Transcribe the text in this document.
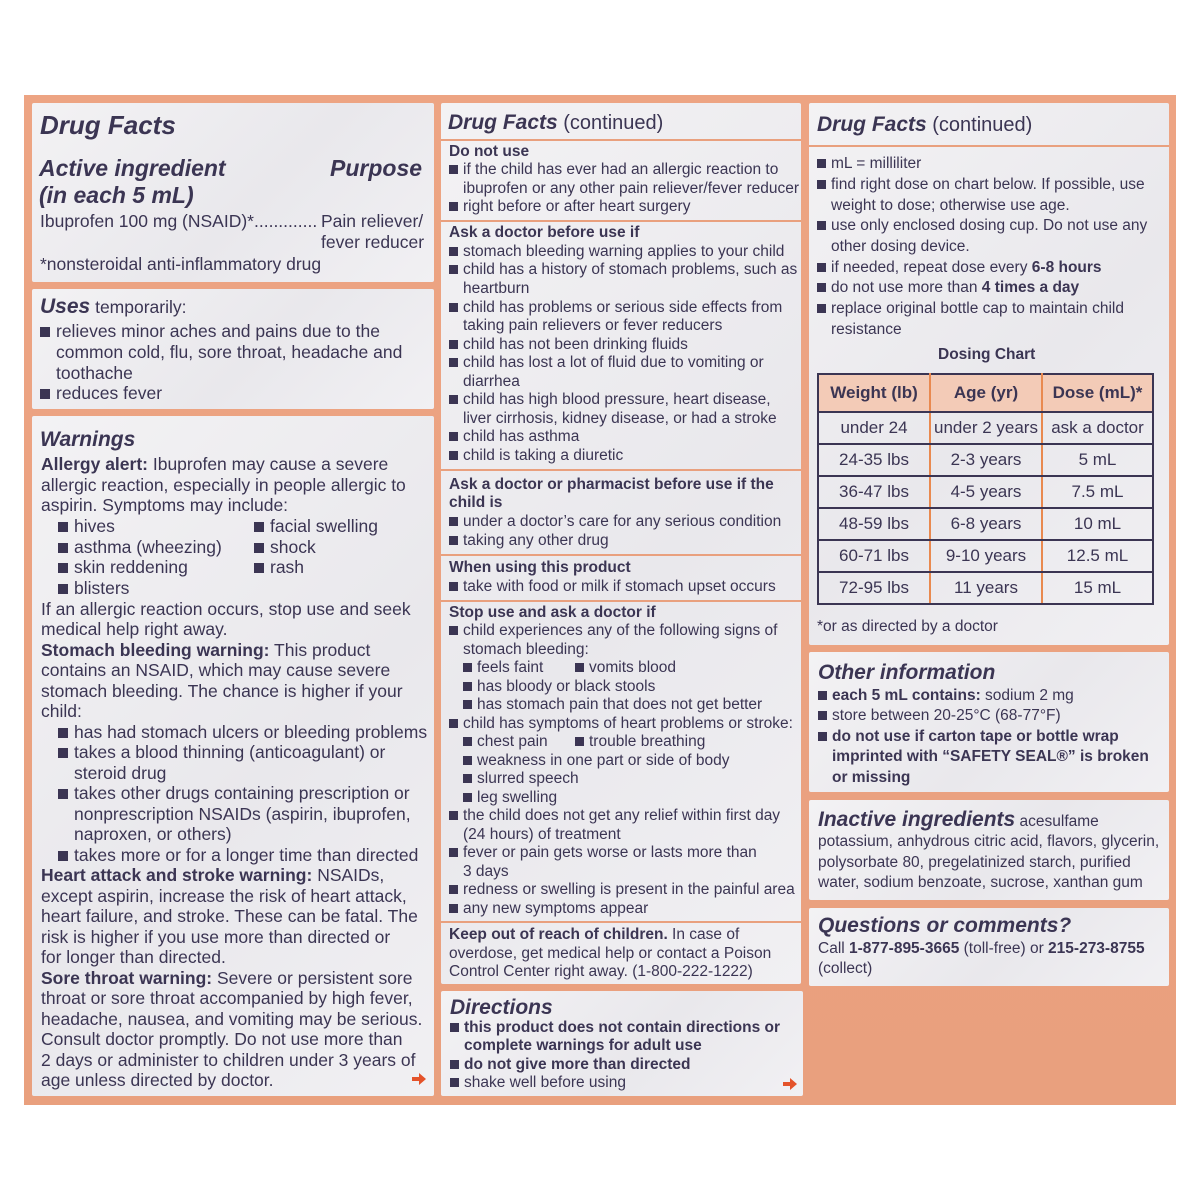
Drug Facts
Active ingredient
(in each 5 mL)
Purpose
Ibuprofen 100 mg (NSAID)*............. Pain reliever/
fever reducer
*nonsteroidal anti-inflammatory drug
Uses temporarily:
relieves minor aches and pains due to the
common cold, flu, sore throat, headache and
toothache
reduces fever
Warnings
Allergy alert: Ibuprofen may cause a severe
allergic reaction, especially in people allergic to
aspirin. Symptoms may include:
hives
asthma (wheezing)
skin reddening
blisters
facial swelling
shock
rash
If an allergic reaction occurs, stop use and seek
medical help right away.
Stomach bleeding warning: This product
contains an NSAID, which may cause severe
stomach bleeding. The chance is higher if your
child:
has had stomach ulcers or bleeding problems
takes a blood thinning (anticoagulant) or
steroid drug
takes other drugs containing prescription or
nonprescription NSAIDs (aspirin, ibuprofen,
naproxen, or others)
takes more or for a longer time than directed
Heart attack and stroke warning: NSAIDs,
except aspirin, increase the risk of heart attack,
heart failure, and stroke. These can be fatal. The
risk is higher if you use more than directed or
for longer than directed.
Sore throat warning: Severe or persistent sore
throat or sore throat accompanied by high fever,
headache, nausea, and vomiting may be serious.
Consult doctor promptly. Do not use more than
2 days or administer to children under 3 years of
age unless directed by doctor.
Drug Facts (continued)
Do not use
if the child has ever had an allergic reaction to
ibuprofen or any other pain reliever/fever reducer
right before or after heart surgery
Ask a doctor before use if
stomach bleeding warning applies to your child
child has a history of stomach problems, such as
heartburn
child has problems or serious side effects from
taking pain relievers or fever reducers
child has not been drinking fluids
child has lost a lot of fluid due to vomiting or
diarrhea
child has high blood pressure, heart disease,
liver cirrhosis, kidney disease, or had a stroke
child has asthma
child is taking a diuretic
Ask a doctor or pharmacist before use if the
child is
under a doctor’s care for any serious condition
taking any other drug
When using this product
take with food or milk if stomach upset occurs
Stop use and ask a doctor if
child experiences any of the following signs of
stomach bleeding:
feels faint	vomits blood
has bloody or black stools
has stomach pain that does not get better
child has symptoms of heart problems or stroke:
chest pain	trouble breathing
weakness in one part or side of body
slurred speech
leg swelling
the child does not get any relief within first day
(24 hours) of treatment
fever or pain gets worse or lasts more than
3 days
redness or swelling is present in the painful area
any new symptoms appear
Keep out of reach of children. In case of
overdose, get medical help or contact a Poison
Control Center right away. (1-800-222-1222)
Directions
this product does not contain directions or
complete warnings for adult use
do not give more than directed
shake well before using
Drug Facts (continued)
mL = milliliter
find right dose on chart below. If possible, use
weight to dose; otherwise use age.
use only enclosed dosing cup. Do not use any
other dosing device.
if needed, repeat dose every 6-8 hours
do not use more than 4 times a day
replace original bottle cap to maintain child
resistance
Dosing Chart
Weight (lb)	Age (yr)	Dose (mL)*
under 24	under 2 years	ask a doctor
24-35 lbs	2-3 years	5 mL
36-47 lbs	4-5 years	7.5 mL
48-59 lbs	6-8 years	10 mL
60-71 lbs	9-10 years	12.5 mL
72-95 lbs	11 years	15 mL
*or as directed by a doctor
Other information
each 5 mL contains: sodium 2 mg
store between 20-25°C (68-77°F)
do not use if carton tape or bottle wrap
imprinted with “SAFETY SEAL®” is broken
or missing
Inactive ingredients acesulfame
potassium, anhydrous citric acid, flavors, glycerin,
polysorbate 80, pregelatinized starch, purified
water, sodium benzoate, sucrose, xanthan gum
Questions or comments?
Call 1-877-895-3665 (toll-free) or 215-273-8755
(collect)
